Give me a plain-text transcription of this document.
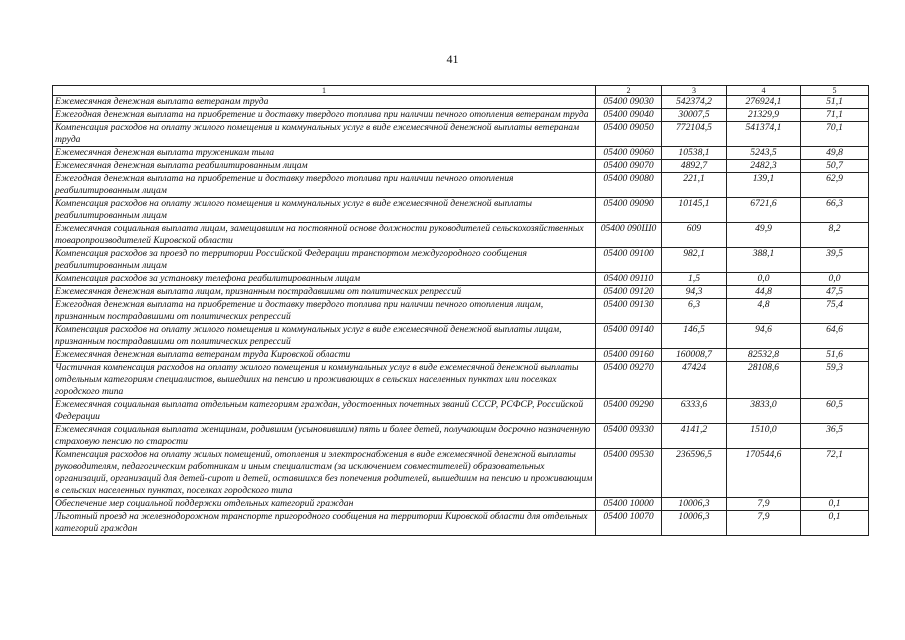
41
1	2	3	4	5
Ежемесячная денежная выплата ветеранам труда	05400 09030	542374,2	276924,1	51,1
Ежегодная денежная выплата на приобретение и доставку твердого топлива при наличии печного отопления ветеранам труда	05400 09040	30007,5	21329,9	71,1
Компенсация расходов на оплату жилого помещения и коммунальных услуг в виде ежемесячной денежной выплаты ветеранам труда	05400 09050	772104,5	541374,1	70,1
Ежемесячная денежная выплата труженикам тыла	05400 09060	10538,1	5243,5	49,8
Ежемесячная денежная выплата реабилитированным лицам	05400 09070	4892,7	2482,3	50,7
Ежегодная денежная выплата на приобретение и доставку твердого топлива при наличии печного отопления реабилитированным лицам	05400 09080	221,1	139,1	62,9
Компенсация расходов на оплату жилого помещения и коммунальных услуг в виде ежемесячной денежной выплаты реабилитированным лицам	05400 09090	10145,1	6721,6	66,3
Ежемесячная социальная выплата лицам, замещавшим на постоянной основе должности руководителей сельскохозяйственных товаропроизводителей Кировской области	05400 090Ш0	609	49,9	8,2
Компенсация расходов за проезд по территории Российской Федерации транспортом междугородного сообщения реабилитированным лицам	05400 09100	982,1	388,1	39,5
Компенсация расходов за установку телефона реабилитированным лицам	05400 09110	1,5	0,0	0,0
Ежемесячная денежная выплата лицам, признанным пострадавшими от политических репрессий	05400 09120	94,3	44,8	47,5
Ежегодная денежная выплата на приобретение и доставку твердого топлива при наличии печного отопления лицам, признанным пострадавшими от политических репрессий	05400 09130	6,3	4,8	75,4
Компенсация расходов на оплату жилого помещения и коммунальных услуг в виде ежемесячной денежной выплаты лицам, признанным пострадавшими от политических репрессий	05400 09140	146,5	94,6	64,6
Ежемесячная денежная выплата ветеранам труда Кировской области	05400 09160	160008,7	82532,8	51,6
Частичная компенсация расходов на оплату жилого помещения и коммунальных услуг в виде ежемесячной денежной выплаты отдельным категориям специалистов, вышедших на пенсию и проживающих в сельских населенных пунктах или поселках городского типа	05400 09270	47424	28108,6	59,3
Ежемесячная социальная выплата отдельным категориям граждан, удостоенных почетных званий СССР, РСФСР, Российской Федерации	05400 09290	6333,6	3833,0	60,5
Ежемесячная социальная выплата женщинам, родившим (усыновившим) пять и более детей, получающим досрочно назначенную страховую пенсию по старости	05400 09330	4141,2	1510,0	36,5
Компенсация расходов на оплату жилых помещений, отопления и электроснабжения в виде ежемесячной денежной выплаты руководителям, педагогическим работникам и иным специалистам (за исключением совместителей) образовательных организаций, организаций для детей-сирот и детей, оставшихся без попечения родителей, вышедшим на пенсию и проживающим в сельских населенных пунктах, поселках городского типа	05400 09530	236596,5	170544,6	72,1
Обеспечение мер социальной поддержки отдельных категорий граждан	05400 10000	10006,3	7,9	0,1
Льготный проезд на железнодорожном транспорте пригородного сообщения на территории Кировской области для отдельных категорий граждан	05400 10070	10006,3	7,9	0,1
